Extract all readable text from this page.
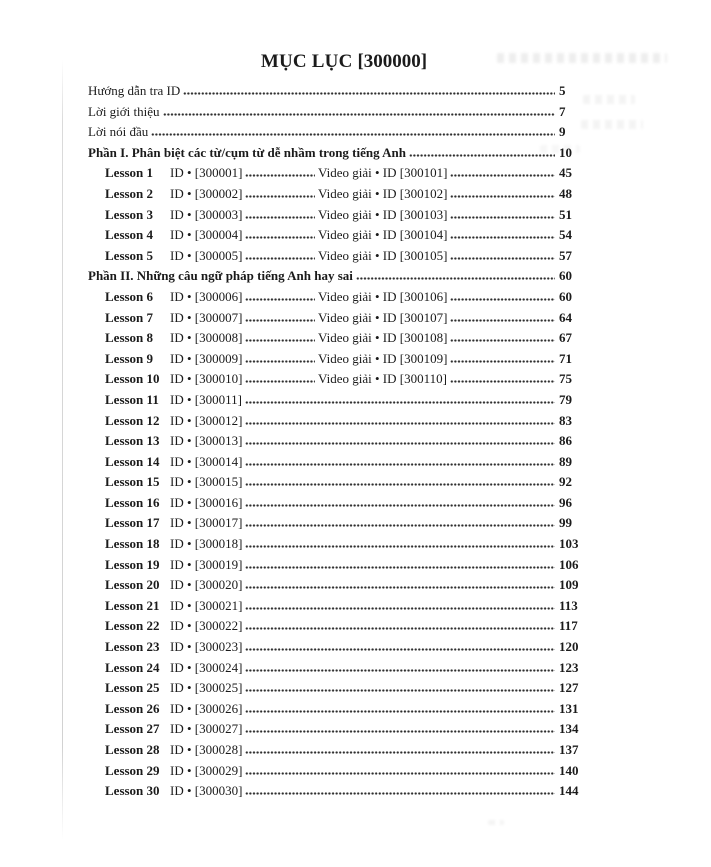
MỤC LỤC [300000]
Hướng dẫn tra ID	5
Lời giới thiệu	7
Lời nói đầu	9
Phần I. Phân biệt các từ/cụm từ dễ nhầm trong tiếng Anh	10
Lesson 1	ID • [300001]	Video giải • ID [300101]	45
Lesson 2	ID • [300002]	Video giải • ID [300102]	48
Lesson 3	ID • [300003]	Video giải • ID [300103]	51
Lesson 4	ID • [300004]	Video giải • ID [300104]	54
Lesson 5	ID • [300005]	Video giải • ID [300105]	57
Phần II. Những câu ngữ pháp tiếng Anh hay sai	60
Lesson 6	ID • [300006]	Video giải • ID [300106]	60
Lesson 7	ID • [300007]	Video giải • ID [300107]	64
Lesson 8	ID • [300008]	Video giải • ID [300108]	67
Lesson 9	ID • [300009]	Video giải • ID [300109]	71
Lesson 10 ID • [300010]	Video giải • ID [300110]	75
Lesson 11 ID • [300011]	79
Lesson 12 ID • [300012]	83
Lesson 13 ID • [300013]	86
Lesson 14 ID • [300014]	89
Lesson 15 ID • [300015]	92
Lesson 16 ID • [300016]	96
Lesson 17 ID • [300017]	99
Lesson 18 ID • [300018]	103
Lesson 19 ID • [300019]	106
Lesson 20 ID • [300020]	109
Lesson 21 ID • [300021]	113
Lesson 22 ID • [300022]	117
Lesson 23 ID • [300023]	120
Lesson 24 ID • [300024]	123
Lesson 25 ID • [300025]	127
Lesson 26 ID • [300026]	131
Lesson 27 ID • [300027]	134
Lesson 28 ID • [300028]	137
Lesson 29 ID • [300029]	140
Lesson 30 ID • [300030]	144
